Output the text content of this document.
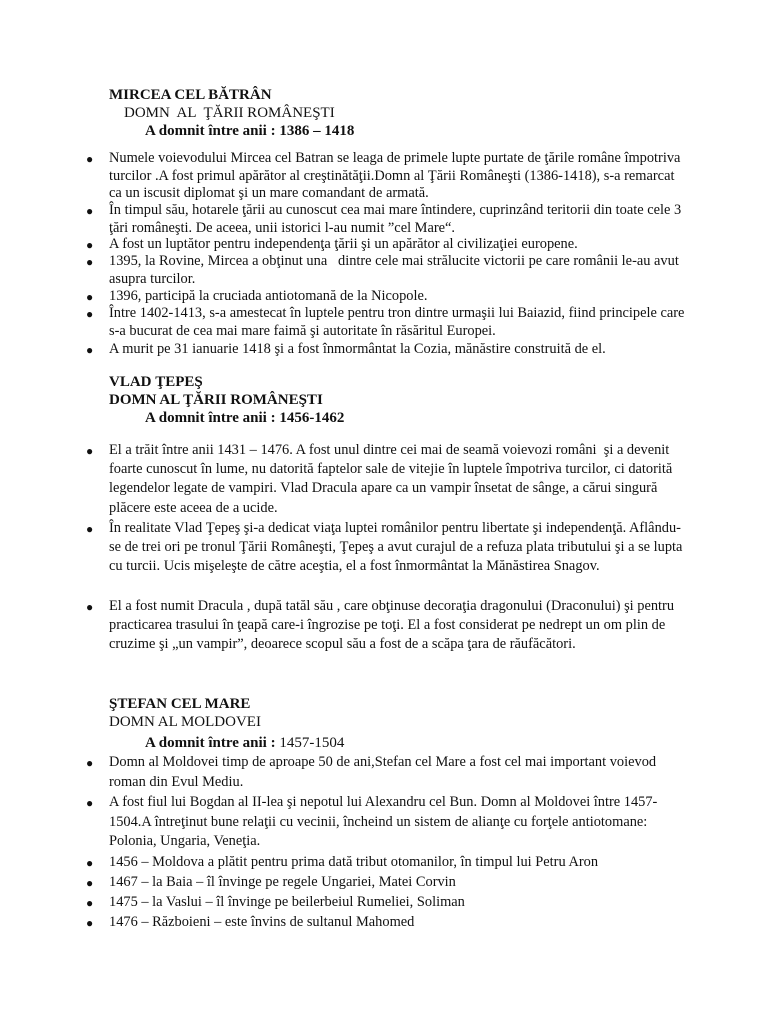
MIRCEA CEL BĂTRÂN
DOMN  AL  ŢĂRII ROMÂNEŞTI
A domnit între anii : 1386 – 1418
● Numele voievodului Mircea cel Batran se leaga de primele lupte purtate de ţările române împotriva turcilor .A fost primul apărător al creştinătăţii.Domn al Ţării Româneşti (1386-1418), s-a remarcat ca un iscusit diplomat şi un mare comandant de armată.
● În timpul său, hotarele ţării au cunoscut cea mai mare întindere, cuprinzând teritorii din toate cele 3 ţări româneşti. De aceea, unii istorici l-au numit ”cel Mare“.
● A fost un luptător pentru independenţa ţării şi un apărător al civilizaţiei europene.
● 1395, la Rovine, Mircea a obţinut una   dintre cele mai strălucite victorii pe care românii le-au avut asupra turcilor.
● 1396, participă la cruciada antiotomană de la Nicopole.
● Între 1402-1413, s-a amestecat în luptele pentru tron dintre urmaşii lui Baiazid, fiind principele care s-a bucurat de cea mai mare faimă şi autoritate în răsăritul Europei.
● A murit pe 31 ianuarie 1418 şi a fost înmormântat la Cozia, mănăstire construită de el.
VLAD ŢEPEŞ
DOMN AL ŢĂRII ROMÂNEŞTI
A domnit între anii : 1456-1462
● El a trăit între anii 1431 – 1476. A fost unul dintre cei mai de seamă voievozi români  şi a devenit foarte cunoscut în lume, nu datorită faptelor sale de vitejie în luptele împotriva turcilor, ci datorită legendelor legate de vampiri. Vlad Dracula apare ca un vampir însetat de sânge, a cărui singură plăcere este aceea de a ucide.
● În realitate Vlad Ţepeş şi-a dedicat viaţa luptei românilor pentru libertate şi independenţă. Aflându-se de trei ori pe tronul Ţării Româneşti, Ţepeş a avut curajul de a refuza plata tributului şi a se lupta cu turcii. Ucis mişeleşte de către aceştia, el a fost înmormântat la Mănăstirea Snagov.
● El a fost numit Dracula , după tatăl său , care obţinuse decoraţia dragonului (Draconului) şi pentru practicarea trasului în ţeapă care-i îngrozise pe toţi. El a fost considerat pe nedrept un om plin de cruzime şi „un vampir”, deoarece scopul său a fost de a scăpa ţara de răufăcători.
ŞTEFAN CEL MARE
DOMN AL MOLDOVEI
A domnit între anii : 1457-1504
● Domn al Moldovei timp de aproape 50 de ani,Stefan cel Mare a fost cel mai important voievod roman din Evul Mediu.
● A fost fiul lui Bogdan al II-lea şi nepotul lui Alexandru cel Bun. Domn al Moldovei între 1457-1504.A întreţinut bune relaţii cu vecinii, încheind un sistem de alianţe cu forţele antiotomane: Polonia, Ungaria, Veneţia.
● 1456 – Moldova a plătit pentru prima dată tribut otomanilor, în timpul lui Petru Aron
● 1467 – la Baia – îl învinge pe regele Ungariei, Matei Corvin
● 1475 – la Vaslui – îl învinge pe beilerbeiul Rumeliei, Soliman
● 1476 – Războieni – este învins de sultanul Mahomed
